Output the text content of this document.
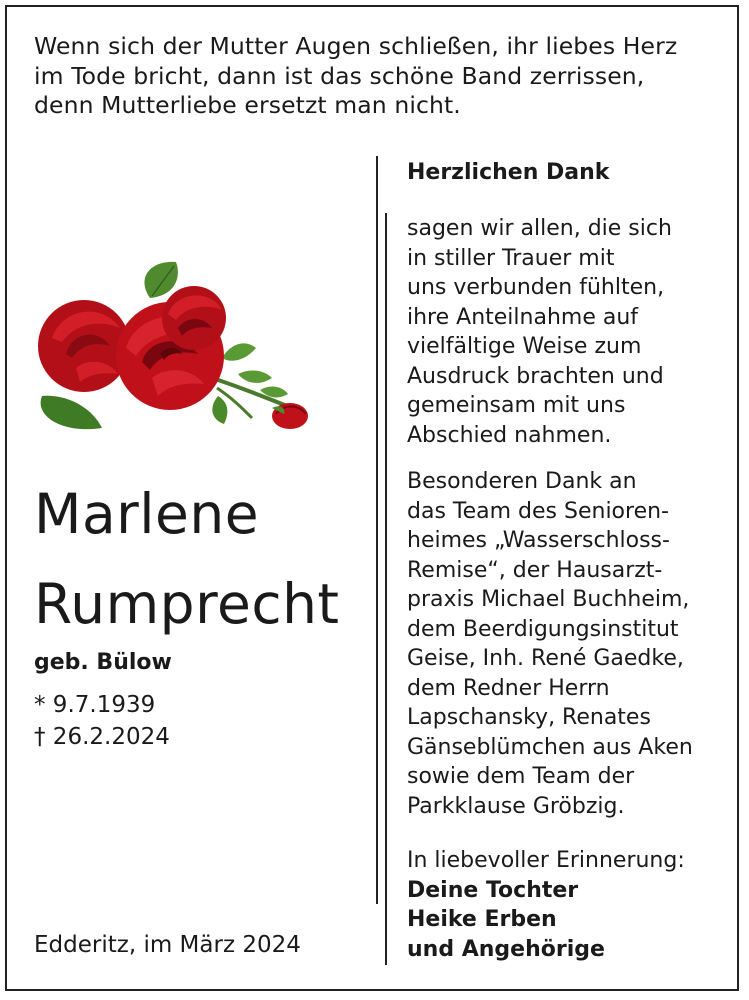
Wenn sich der Mutter Augen schließen, ihr liebes Herz
im Tode bricht, dann ist das schöne Band zerrissen,
denn Mutterliebe ersetzt man nicht.
Marlene
Rumprecht
geb. Bülow
* 9.7.1939
† 26.2.2024
Edderitz, im März 2024
Herzlichen Dank
sagen wir allen, die sich
in stiller Trauer mit
uns verbunden fühlten,
ihre Anteilnahme auf
vielfältige Weise zum
Ausdruck brachten und
gemeinsam mit uns
Abschied nahmen.
Besonderen Dank an
das Team des Senioren-
heimes „Wasserschloss-
Remise“, der Hausarzt-
praxis Michael Buchheim,
dem Beerdigungsinstitut
Geise, Inh. René Gaedke,
dem Redner Herrn
Lapschansky, Renates
Gänseblümchen aus Aken
sowie dem Team der
Parkklause Gröbzig.
In liebevoller Erinnerung:
Deine Tochter
Heike Erben
und Angehörige
